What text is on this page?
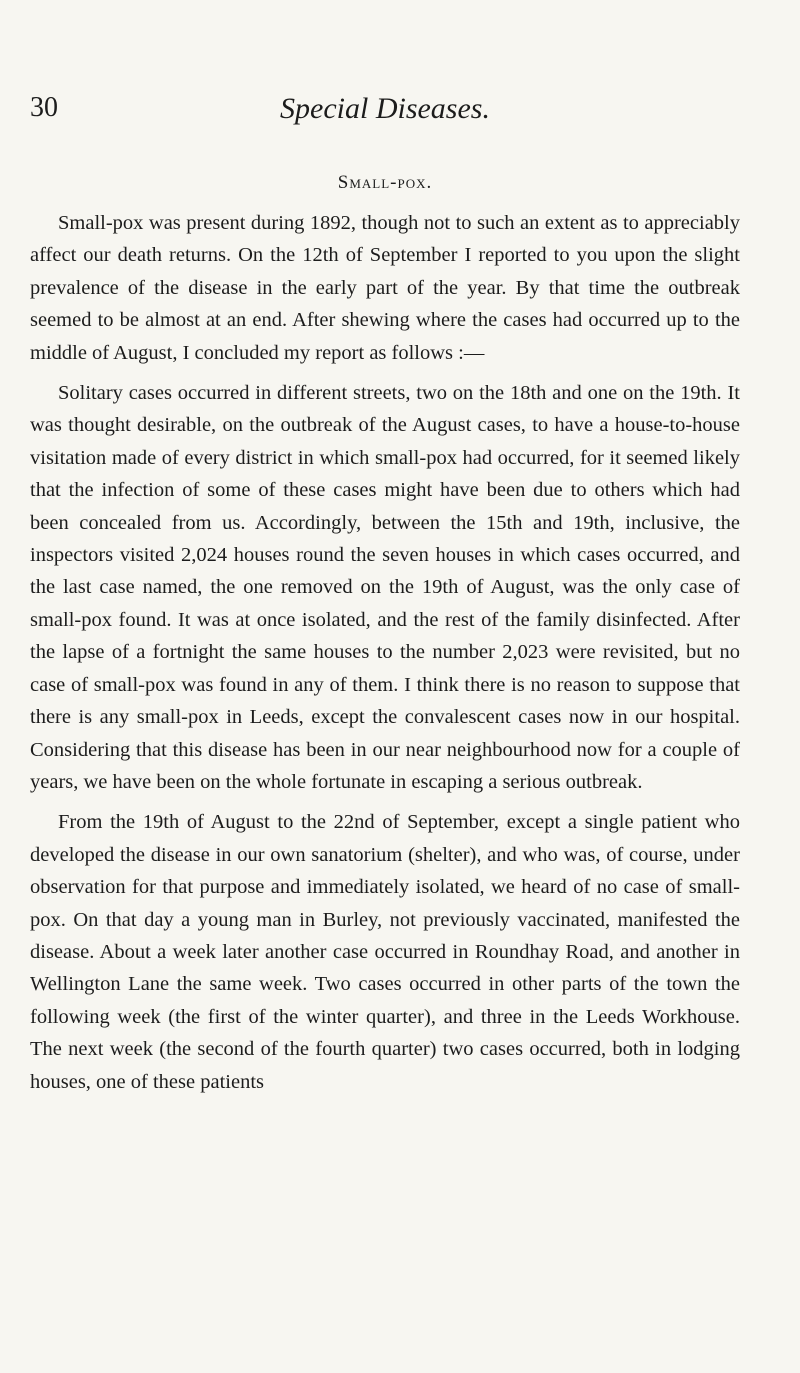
30	Special Diseases.
Small-pox.

Small-pox was present during 1892, though not to such an extent as to appreciably affect our death returns. On the 12th of September I reported to you upon the slight prevalence of the disease in the early part of the year. By that time the outbreak seemed to be almost at an end. After shewing where the cases had occurred up to the middle of August, I concluded my report as follows :—

Solitary cases occurred in different streets, two on the 18th and one on the 19th. It was thought desirable, on the outbreak of the August cases, to have a house-to-house visitation made of every district in which small-pox had occurred, for it seemed likely that the infection of some of these cases might have been due to others which had been concealed from us. Accordingly, between the 15th and 19th, inclusive, the inspectors visited 2,024 houses round the seven houses in which cases occurred, and the last case named, the one removed on the 19th of August, was the only case of small-pox found. It was at once isolated, and the rest of the family disinfected. After the lapse of a fortnight the same houses to the number 2,023 were revisited, but no case of small-pox was found in any of them. I think there is no reason to suppose that there is any small-pox in Leeds, except the convalescent cases now in our hospital. Considering that this disease has been in our near neighbourhood now for a couple of years, we have been on the whole fortunate in escaping a serious outbreak.

From the 19th of August to the 22nd of September, except a single patient who developed the disease in our own sanatorium (shelter), and who was, of course, under observation for that purpose and immediately isolated, we heard of no case of small-pox. On that day a young man in Burley, not previously vaccinated, manifested the disease. About a week later another case occurred in Roundhay Road, and another in Wellington Lane the same week. Two cases occurred in other parts of the town the following week (the first of the winter quarter), and three in the Leeds Workhouse. The next week (the second of the fourth quarter) two cases occurred, both in lodging houses, one of these patients
